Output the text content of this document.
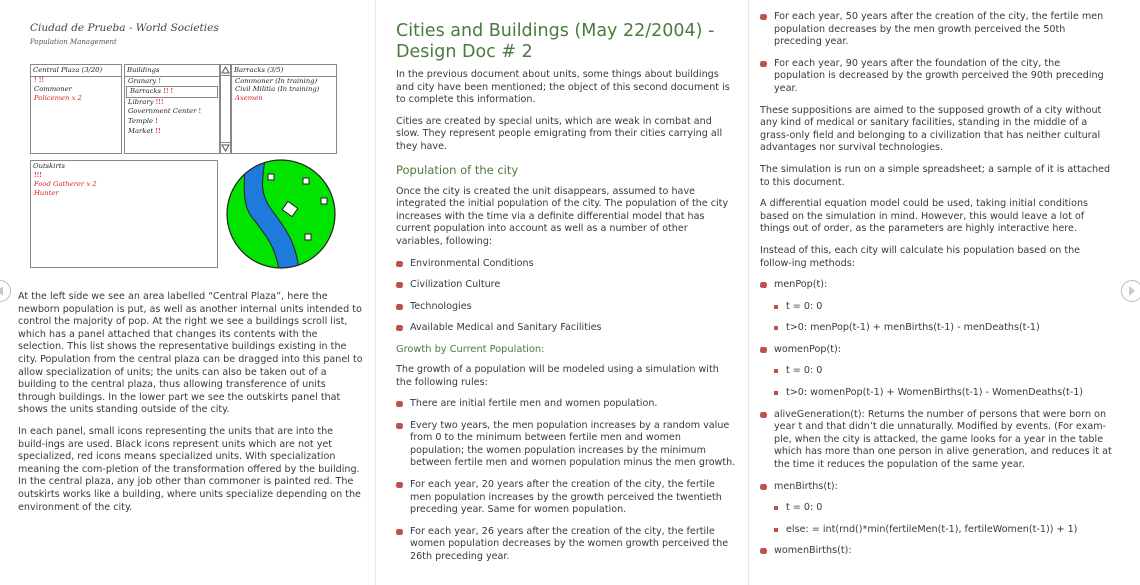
Ciudad de Prueba - World Societies
Population Management
Central Plaza (3/20)
! !!
Commoner
Policemen x 2
Buildings
Granary !
Barracks !! !
Library !!!
Government Center !
Temple !
Market !!
Barracks (3/5)
Commoner (In training)
Civil Militia (In training)
Axemen
Outskirts
!!!
Food Gatherer x 2
Hunter

At the left side we see an area labelled “Central Plaza”, here the newborn population is put, as well as another internal units intended to control the majority of pop. At the right we see a buildings scroll list, which has a panel attached that changes its contents with the selection. This list shows the representative buildings existing in the city. Population from the central plaza can be dragged into this panel to allow specialization of units; the units can also be taken out of a building to the central plaza, thus allowing transference of units through buildings. In the lower part we see the outskirts panel that shows the units standing outside of the city.

In each panel, small icons representing the units that are into the build-ings are used. Black icons represent units which are not yet specialized, red icons means specialized units. With specialization meaning the com-pletion of the transformation offered by the building. In the central plaza, any job other than commoner is painted red. The outskirts works like a building, where units specialize depending on the environment of the city.

Cities and Buildings (May 22/2004) - Design Doc # 2

In the previous document about units, some things about buildings and city have been mentioned; the object of this second document is to complete this information.

Cities are created by special units, which are weak in combat and slow. They represent people emigrating from their cities carrying all they have.

Population of the city

Once the city is created the unit disappears, assumed to have integrated the initial population of the city. The population of the city increases with the time via a definite differential model that has current population into account as well as a number of other variables, following:

Environmental Conditions
Civilization Culture
Technologies
Available Medical and Sanitary Facilities
Growth by Current Population:

The growth of a population will be modeled using a simulation with the following rules:

There are initial fertile men and women population.
Every two years, the men population increases by a random value from 0 to the minimum between fertile men and women population; the women population increases by the minimum between fertile men and women population minus the men growth.
For each year, 20 years after the creation of the city, the fertile men population increases by the growth perceived the twentieth preceding year. Same for women population.
For each year, 26 years after the creation of the city, the fertile women population decreases by the women growth perceived the 26th preceding year.
For each year, 50 years after the creation of the city, the fertile men population decreases by the men growth perceived the 50th preceding year.
For each year, 90 years after the foundation of the city, the population is decreased by the growth perceived the 90th preceding year.

These suppositions are aimed to the supposed growth of a city without any kind of medical or sanitary facilities, standing in the middle of a grass-only field and belonging to a civilization that has neither cultural advantages nor survival technologies.

The simulation is run on a simple spreadsheet; a sample of it is attached to this document.

A differential equation model could be used, taking initial conditions based on the simulation in mind. However, this would leave a lot of things out of order, as the parameters are highly interactive here.

Instead of this, each city will calculate his population based on the follow-ing methods:

menPop(t):
t = 0: 0
t>0: menPop(t-1) + menBirths(t-1) - menDeaths(t-1)
womenPop(t):
t = 0: 0
t>0: womenPop(t-1) + WomenBirths(t-1) - WomenDeaths(t-1)
aliveGeneration(t): Returns the number of persons that were born on year t and that didn’t die unnaturally. Modified by events. (For exam-ple, when the city is attacked, the game looks for a year in the table which has more than one person in alive generation, and reduces it at the time it reduces the population of the same year.
menBirths(t):
t = 0: 0
else: = int(rnd()*min(fertileMen(t-1), fertileWomen(t-1)) + 1)
womenBirths(t):
